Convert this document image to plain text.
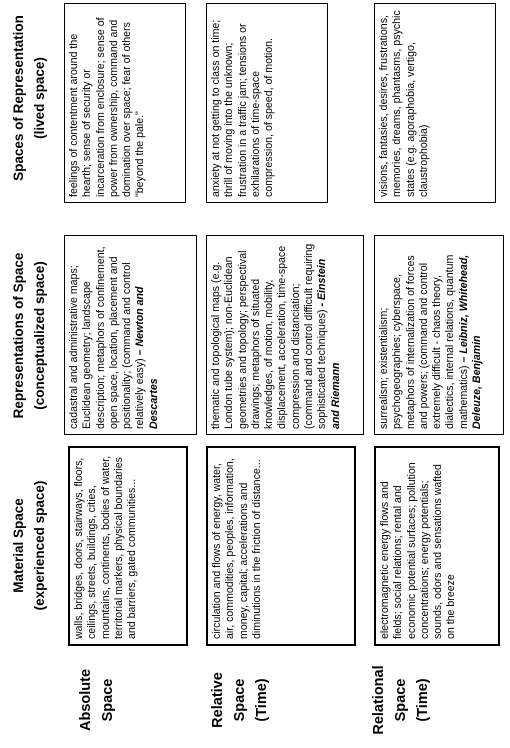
Material Space (experienced space)
Representations of Space (conceptualized space)
Spaces of Representation (lived space)
Absolute Space	Relative Space (Time)	Relational Space (Time)
walls, bridges, doors, stairways, floors, ceilings, streets, buildings, cities, mountains, continents, bodies of water, territorial markers, physical boundaries and barriers, gated communities...
cadastral and administrative maps; Euclidean geometry; landscape description; metaphors of confinement, open space, location, placement and positionality; (command and control relatively easy) – Newton and Descartes
feelings of contentment around the hearth; sense of security or incarceration from enclosure; sense of power from ownership, command and domination over space; fear of others "beyond the pale."
circulation and flows of energy, water, air, commodities, peoples, information, money, capital; accelerations and diminutions in the friction of distance...
thematic and topological maps (e.g. London tube system); non-Euclidean geometries and topology; perspectival drawings; metaphors of situated knowledges, of motion, mobility, displacement, acceleration, time-space compression and distanciation; (command and control difficult requiring sophisticated techniques) - Einstein and Riemann
anxiety at not getting to class on time; thrill of moving into the unknown; frustration in a traffic jam; tensions or exhilarations of time-space compression, of speed, of motion.
electromagnetic energy flows and fields; social relations; rental and economic potential surfaces; pollution concentrations; energy potentials; sounds, odors and sensations wafted on the breeze
surrealism; existentialism; psychogeographies; cyberspace, metaphors of internalization of forces and powers; (command and control extremely difficult - chaos theory, dialectics, internal relations, quantum mathematics) – Leibniz, Whitehead, Deleuze, Benjamin
visions, fantasies, desires, frustrations, memories, dreams, phantasms, psychic states (e.g. agoraphobia, vertigo, claustrophobia)
